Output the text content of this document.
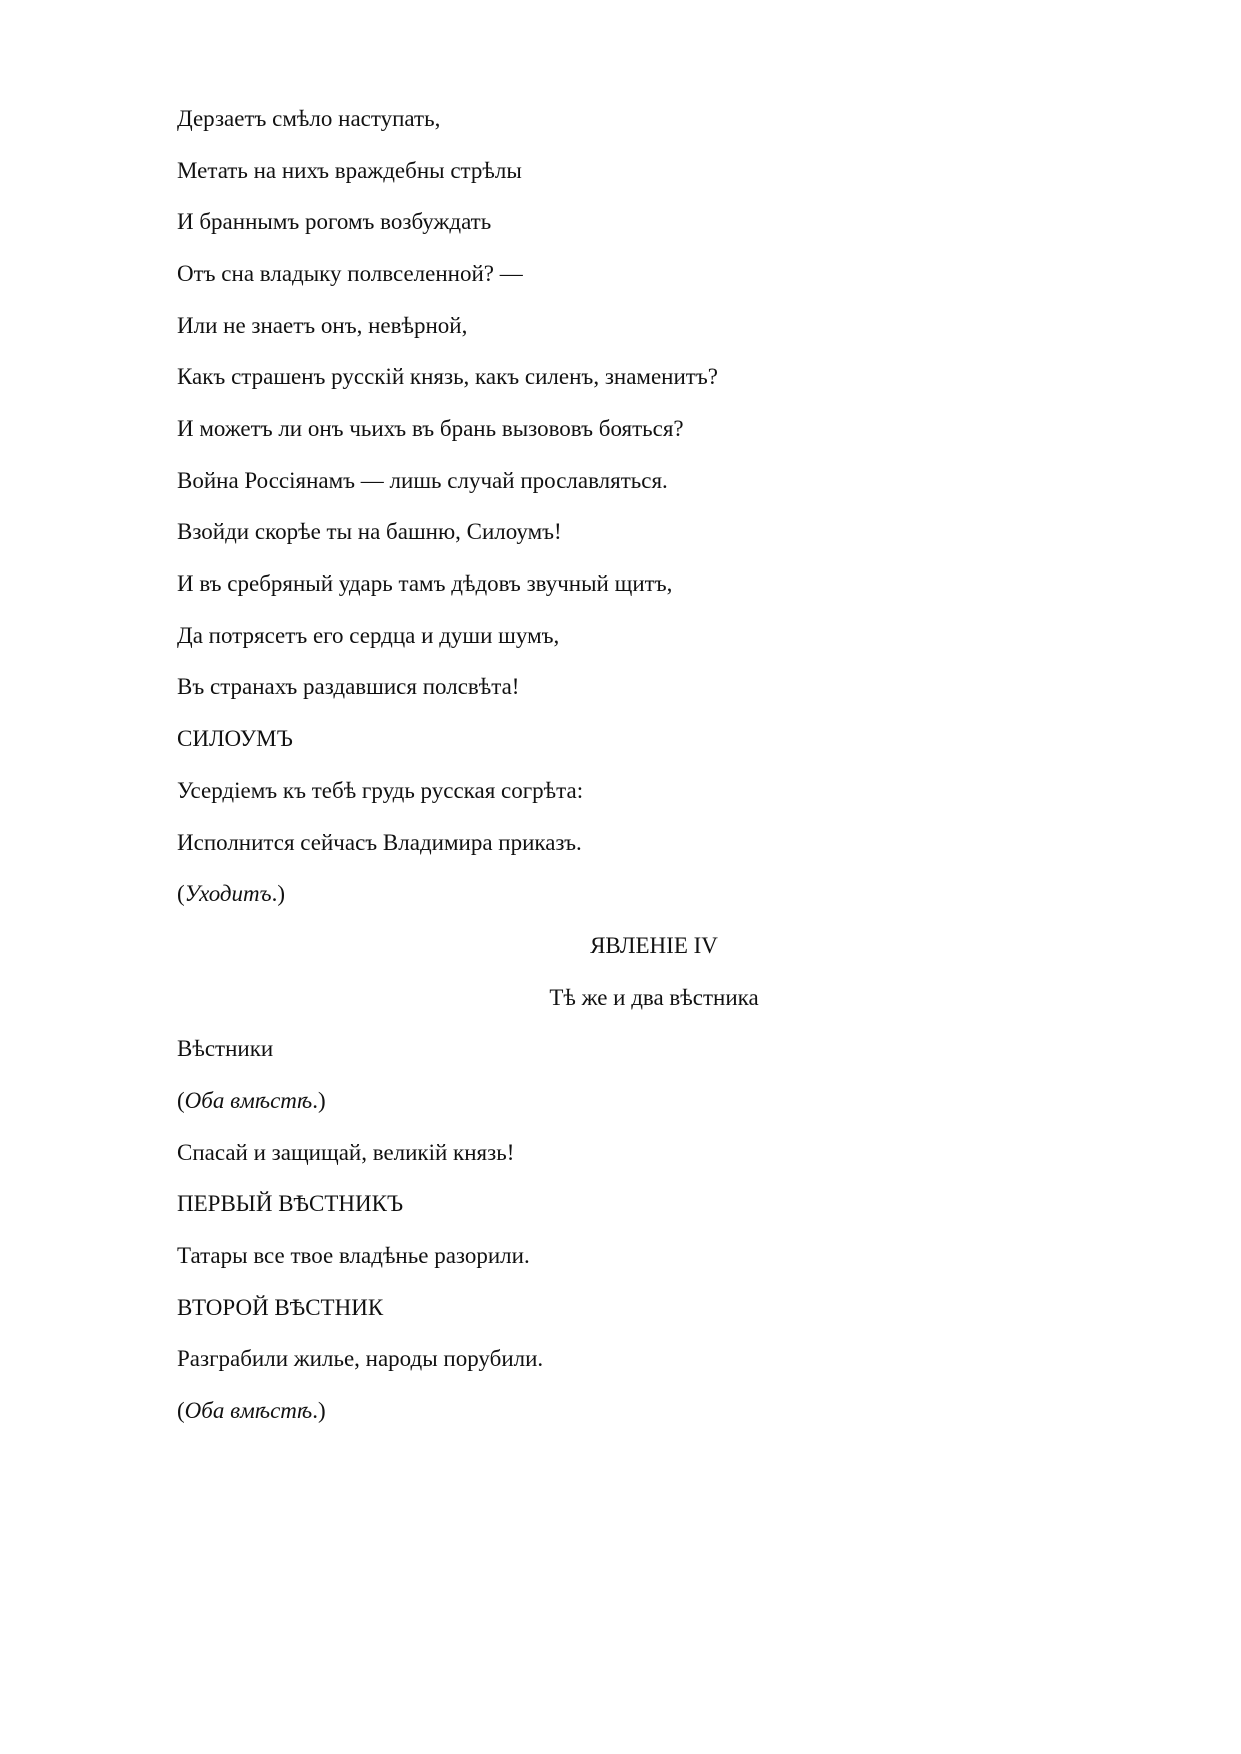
Дерзаетъ смѣло наступать,

Метать на нихъ враждебны стрѣлы

И браннымъ рогомъ возбуждать

Отъ сна владыку полвселенной? —

Или не знаетъ онъ, невѣрной,

Какъ страшенъ русскій князь, какъ силенъ, знаменитъ?

И можетъ ли онъ чьихъ въ брань вызововъ бояться?

Война Россіянамъ — лишь случай прославляться.

Взойди скорѣе ты на башню, Силоумъ!

И въ сребряный ударь тамъ дѣдовъ звучный щитъ,

Да потрясетъ его сердца и души шумъ,

Въ странахъ раздавшися полсвѣта!

СИЛОУМЪ

Усердіемъ къ тебѣ грудь русская согрѣта:

Исполнится сейчасъ Владимира приказъ.

(Уходитъ.)

ЯВЛЕНІЕ IV

Тѣ же и два вѣстника

Вѣстники

(Оба вмѣстѣ.)

Спасай и защищай, великій князь!

ПЕРВЫЙ ВѢСТНИКЪ

Татары все твое владѣнье разорили.

ВТОРОЙ ВѢСТНИК

Разграбили жилье, народы порубили.

(Оба вмѣстѣ.)
